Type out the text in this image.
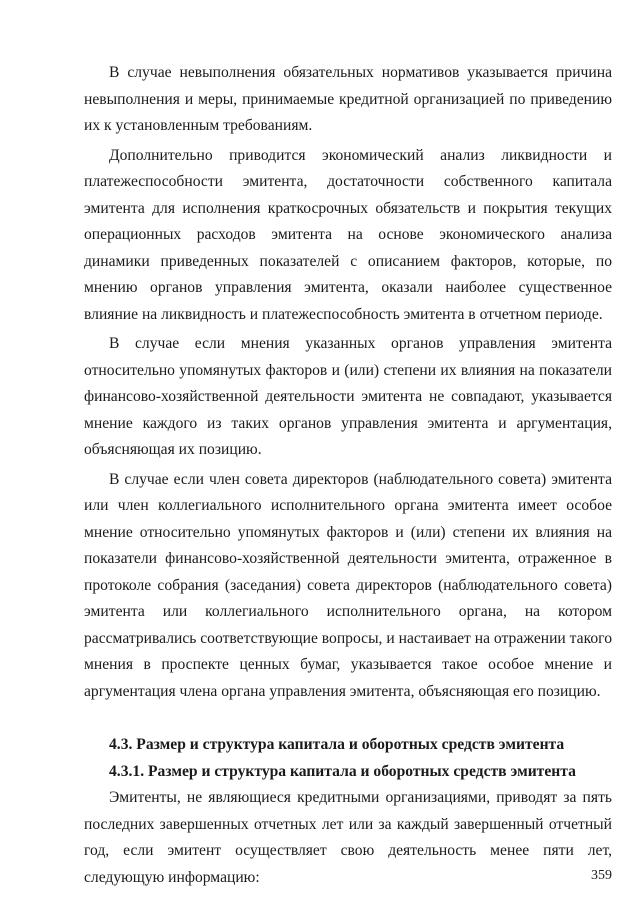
В случае невыполнения обязательных нормативов указывается причина невыполнения и меры, принимаемые кредитной организацией по приведению их к установленным требованиям.

Дополнительно приводится экономический анализ ликвидности и платежеспособности эмитента, достаточности собственного капитала эмитента для исполнения краткосрочных обязательств и покрытия текущих операционных расходов эмитента на основе экономического анализа динамики приведенных показателей с описанием факторов, которые, по мнению органов управления эмитента, оказали наиболее существенное влияние на ликвидность и платежеспособность эмитента в отчетном периоде.

В случае если мнения указанных органов управления эмитента относительно упомянутых факторов и (или) степени их влияния на показатели финансово-хозяйственной деятельности эмитента не совпадают, указывается мнение каждого из таких органов управления эмитента и аргументация, объясняющая их позицию.

В случае если член совета директоров (наблюдательного совета) эмитента или член коллегиального исполнительного органа эмитента имеет особое мнение относительно упомянутых факторов и (или) степени их влияния на показатели финансово-хозяйственной деятельности эмитента, отраженное в протоколе собрания (заседания) совета директоров (наблюдательного совета) эмитента или коллегиального исполнительного органа, на котором рассматривались соответствующие вопросы, и настаивает на отражении такого мнения в проспекте ценных бумаг, указывается такое особое мнение и аргументация члена органа управления эмитента, объясняющая его позицию.

4.3. Размер и структура капитала и оборотных средств эмитента

4.3.1. Размер и структура капитала и оборотных средств эмитента

Эмитенты, не являющиеся кредитными организациями, приводят за пять последних завершенных отчетных лет или за каждый завершенный отчетный год, если эмитент осуществляет свою деятельность менее пяти лет, следующую информацию:	359
